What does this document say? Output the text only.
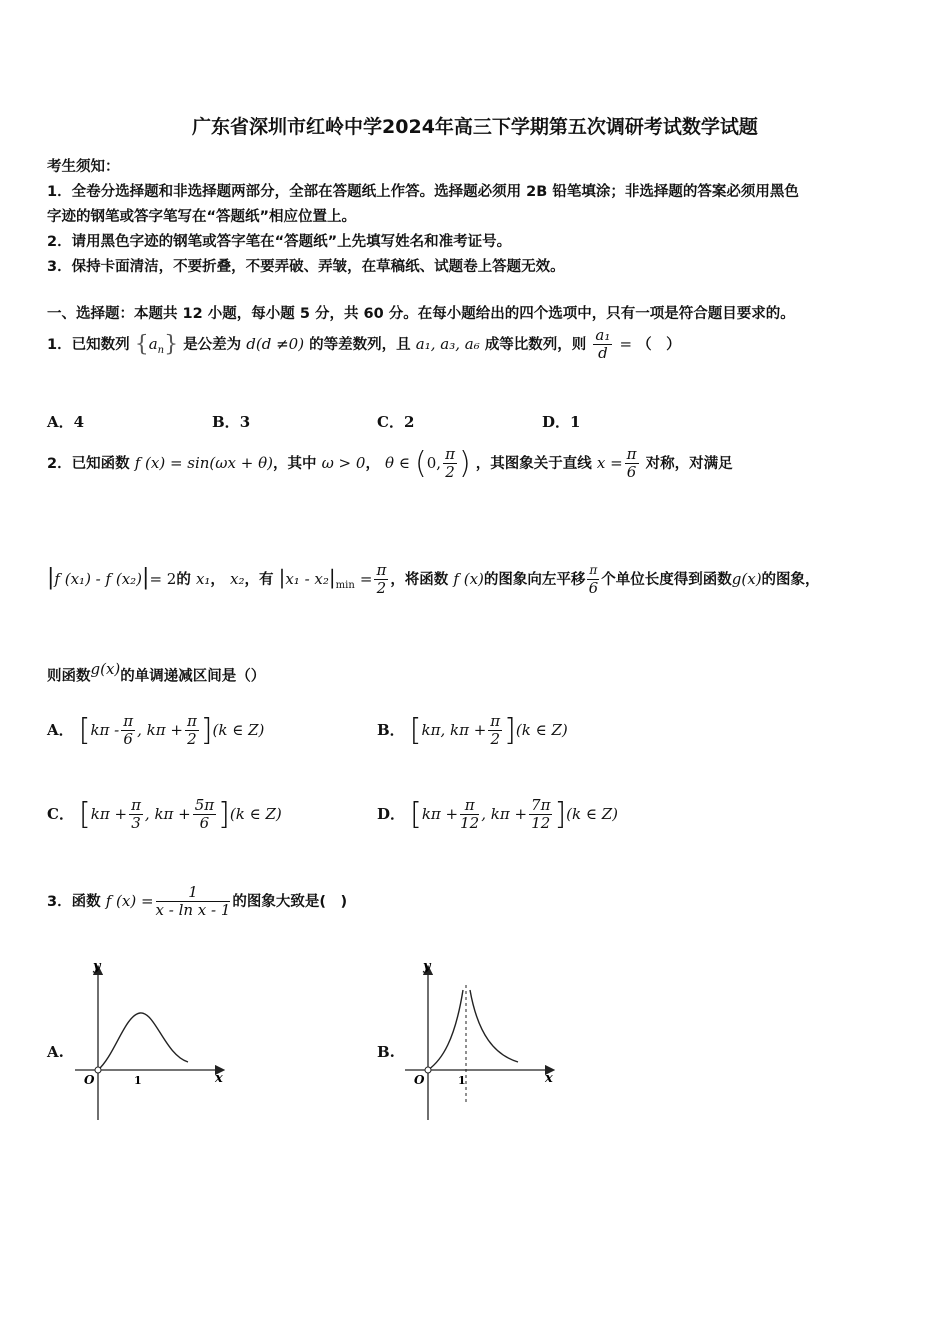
广东省深圳市红岭中学2024年高三下学期第五次调研考试数学试题
考生须知：
1．全卷分选择题和非选择题两部分，全部在答题纸上作答。选择题必须用 2B 铅笔填涂；非选择题的答案必须用黑色
字迹的钢笔或答字笔写在“答题纸”相应位置上。
2．请用黑色字迹的钢笔或答字笔在“答题纸”上先填写姓名和准考证号。
3．保持卡面清洁，不要折叠，不要弄破、弄皱，在草稿纸、试题卷上答题无效。
一、选择题：本题共 12 小题，每小题 5 分，共 60 分。在每小题给出的四个选项中，只有一项是符合题目要求的。
1．已知数列 $\{a_n\}$ 是公差为 d(d ≠0) 的等差数列，且 a₁, a₃, a₆ 成等比数列，则 $\frac{\text{a₁}}{d}$ = （　）
A．4	B．3	C．2	D．1
2．已知函数 f (x) = sin(ωx + θ)，其中 ω > 0， θ ∈ (0, $\frac{\pi}{2}$ ) ，其图象关于直线 $x = \frac{\pi}{6}$ 对称，对满足
|f (x₁) - f (x₂)|= 2的 x₁， x₂，有 $|x_1 - x_2|_{min} = \frac{\pi}{2}$ ，将函数 f (x)的图象向左平移 $\frac{\pi}{6}$ 个单位长度得到函数g(x)的图象，
则函数$^{g(x)}$的单调递减区间是（）
A． [$k\pi - \frac{\pi}{6}$ , $k\pi + \frac{\pi}{2} ](k$ ∈ Z)	B． [kπ, $k\pi + \frac{\pi}{2} ](k$ ∈ Z)
C． [$k\pi + \frac{\pi}{3}$ , $k\pi + \frac{5\pi}{6} ](k$ ∈ Z)	D． [$k\pi + \frac{\pi}{12}$ , $k\pi + \frac{7\pi}{12} ](k$ ∈ Z)
3．函数 f $(x) = \frac{1}{\text{x - ln x - 1}}$ 的图象大致是(　)
A.
y
x
O	1
B.
y
x
O	1
